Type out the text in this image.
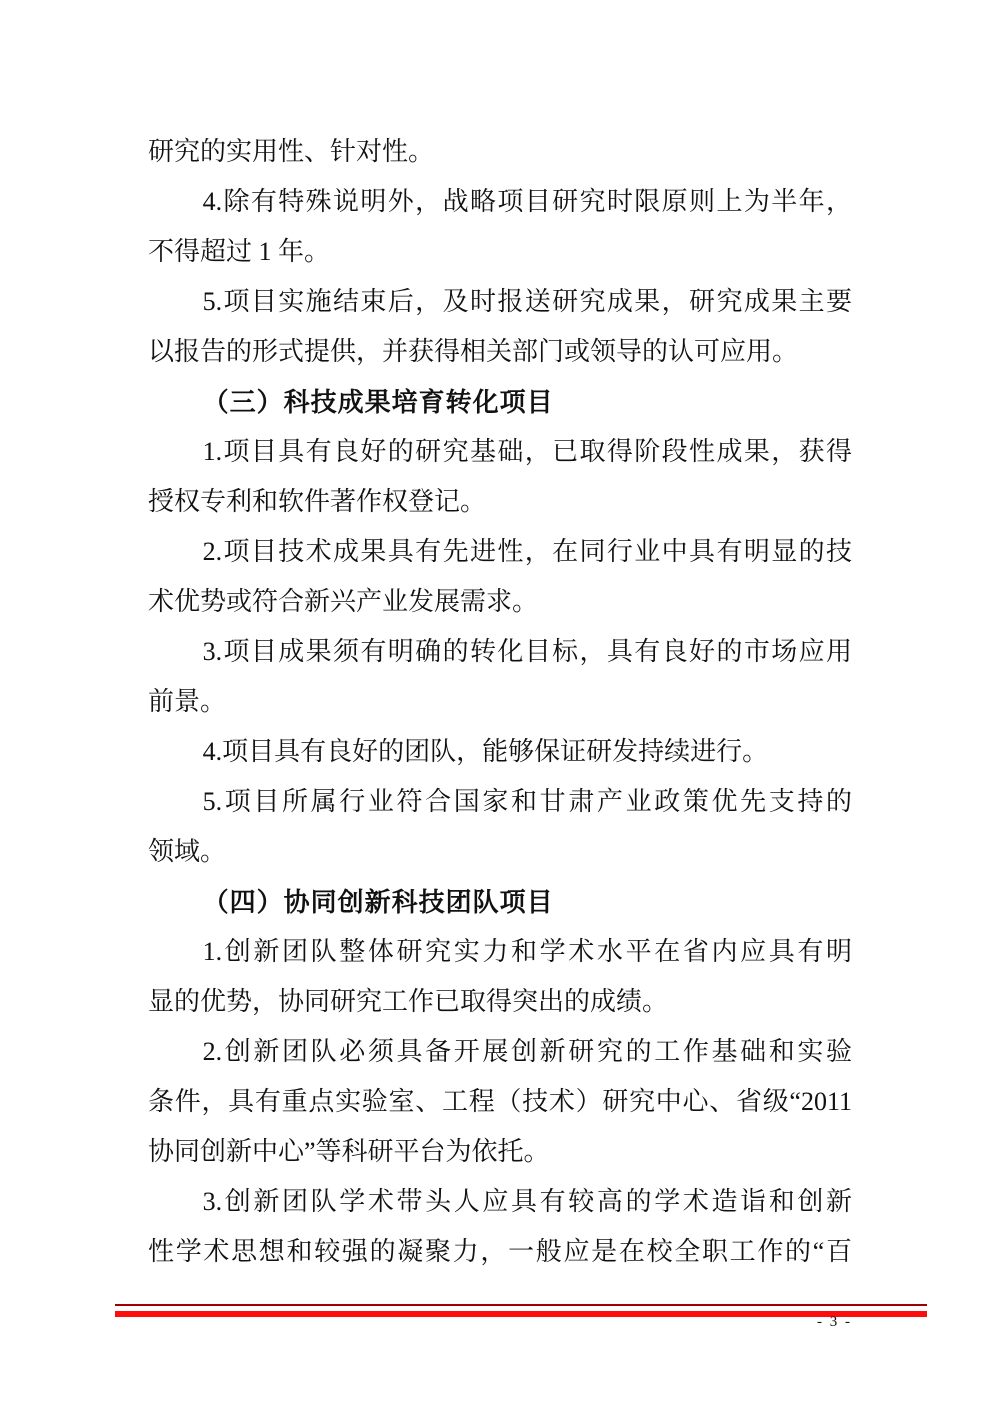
研究的实用性、针对性。
4.除有特殊说明外，战略项目研究时限原则上为半年，
不得超过 1 年。
5.项目实施结束后，及时报送研究成果，研究成果主要
以报告的形式提供，并获得相关部门或领导的认可应用。
（三）科技成果培育转化项目
1.项目具有良好的研究基础，已取得阶段性成果，获得
授权专利和软件著作权登记。
2.项目技术成果具有先进性，在同行业中具有明显的技
术优势或符合新兴产业发展需求。
3.项目成果须有明确的转化目标，具有良好的市场应用
前景。
4.项目具有良好的团队，能够保证研发持续进行。
5.项目所属行业符合国家和甘肃产业政策优先支持的
领域。
（四）协同创新科技团队项目
1.创新团队整体研究实力和学术水平在省内应具有明
显的优势，协同研究工作已取得突出的成绩。
2.创新团队必须具备开展创新研究的工作基础和实验
条件，具有重点实验室、工程（技术）研究中心、省级“2011
协同创新中心”等科研平台为依托。
3.创新团队学术带头人应具有较高的学术造诣和创新
性学术思想和较强的凝聚力，一般应是在校全职工作的“百
- 3 -
